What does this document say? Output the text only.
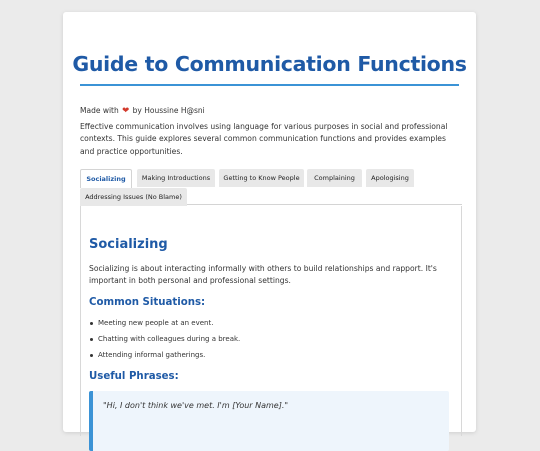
Guide to Communication Functions
Made with ❤ by Houssine H@sni

Effective communication involves using language for various purposes in social and professional contexts. This guide explores several common communication functions and provides examples and practice opportunities.

Socializing	Making Introductions	Getting to Know People	Complaining	Apologising
Addressing Issues (No Blame)
Socializing

Socializing is about interacting informally with others to build relationships and rapport. It's important in both personal and professional settings.

Common Situations:
Meeting new people at an event.
Chatting with colleagues during a break.
Attending informal gatherings.
Useful Phrases:
"Hi, I don't think we've met. I'm [Your Name]."
